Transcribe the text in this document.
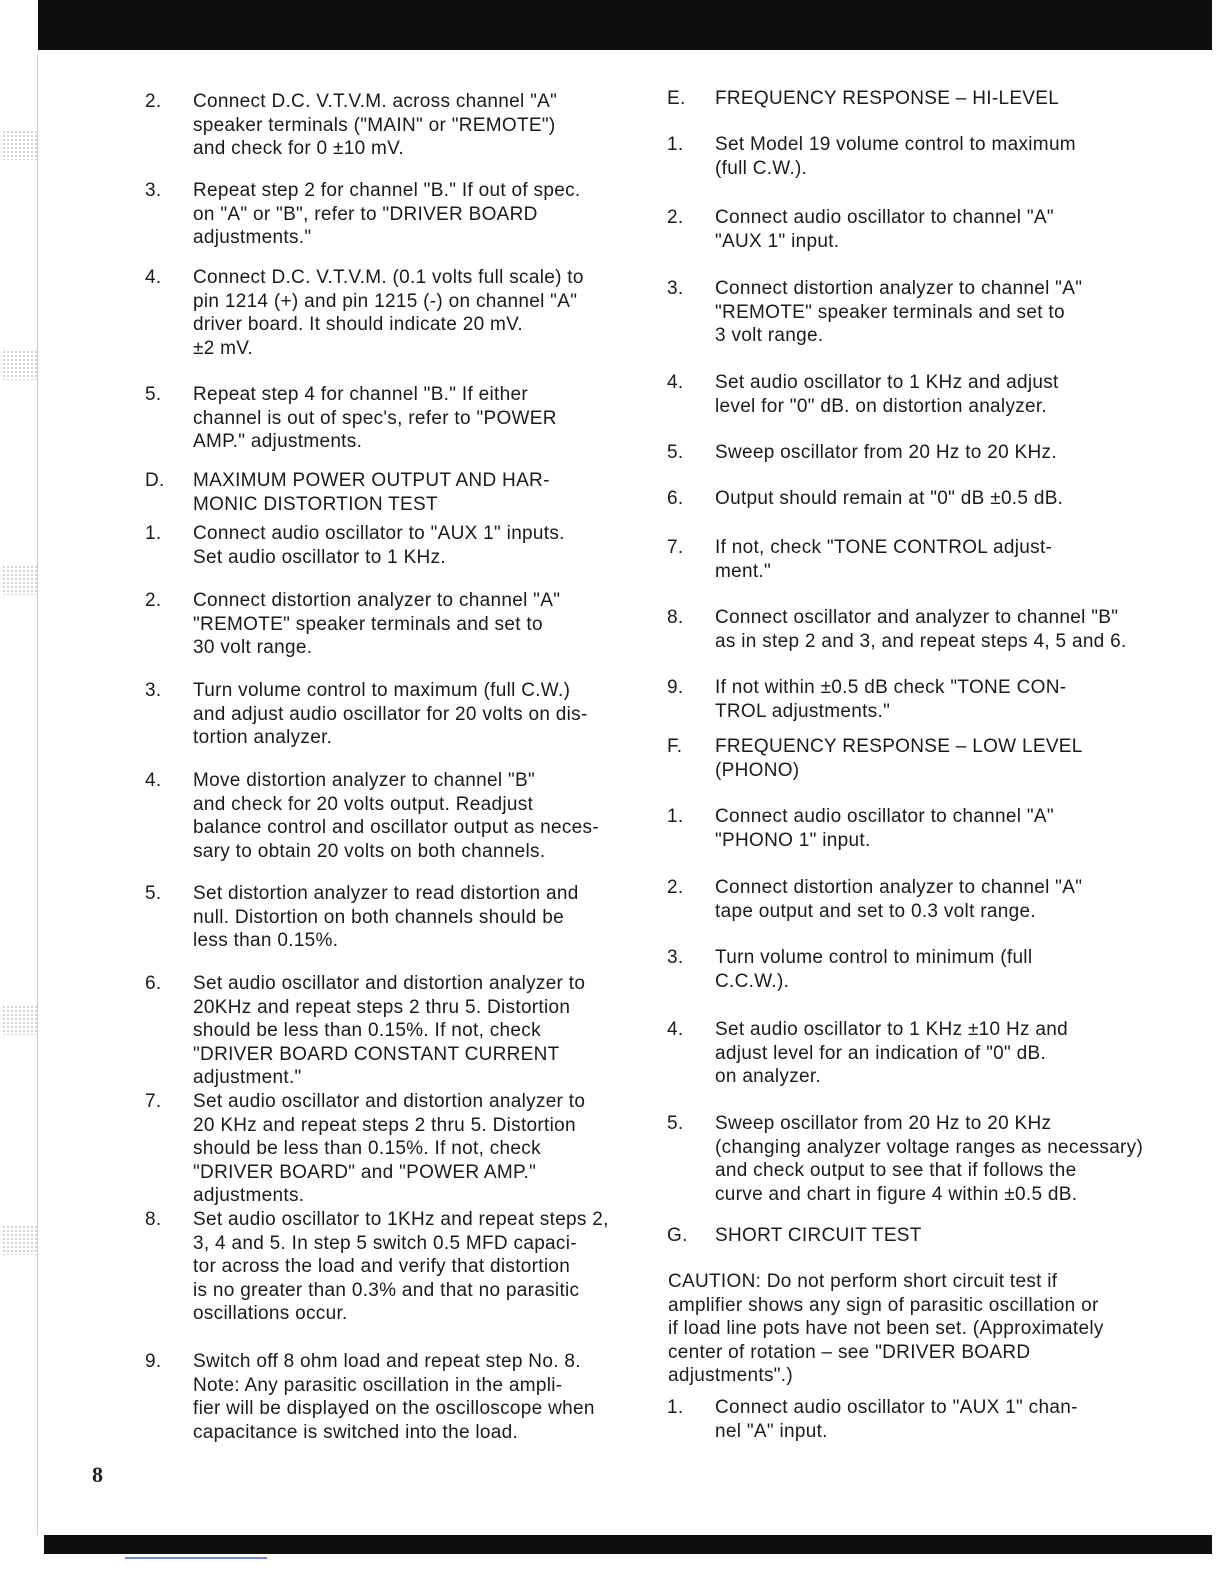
2. Connect D.C. V.T.V.M. across channel "A"
speaker terminals ("MAIN" or "REMOTE")
and check for 0 ±10 mV.
3. Repeat step 2 for channel "B." If out of spec.
on "A" or "B", refer to "DRIVER BOARD
adjustments."
4. Connect D.C. V.T.V.M. (0.1 volts full scale) to
pin 1214 (+) and pin 1215 (-) on channel "A"
driver board. It should indicate 20 mV.
±2 mV.
5. Repeat step 4 for channel "B." If either
channel is out of spec's, refer to "POWER
AMP." adjustments.
D. MAXIMUM POWER OUTPUT AND HAR-
MONIC DISTORTION TEST
1. Connect audio oscillator to "AUX 1" inputs.
Set audio oscillator to 1 KHz.
2. Connect distortion analyzer to channel "A"
"REMOTE" speaker terminals and set to
30 volt range.
3. Turn volume control to maximum (full C.W.)
and adjust audio oscillator for 20 volts on dis-
tortion analyzer.
4. Move distortion analyzer to channel "B"
and check for 20 volts output. Readjust
balance control and oscillator output as neces-
sary to obtain 20 volts on both channels.
5. Set distortion analyzer to read distortion and
null. Distortion on both channels should be
less than 0.15%.
6. Set audio oscillator and distortion analyzer to
20KHz and repeat steps 2 thru 5. Distortion
should be less than 0.15%. If not, check
"DRIVER BOARD CONSTANT CURRENT
adjustment."
7. Set audio oscillator and distortion analyzer to
20 KHz and repeat steps 2 thru 5. Distortion
should be less than 0.15%. If not, check
"DRIVER BOARD" and "POWER AMP."
adjustments.
8. Set audio oscillator to 1KHz and repeat steps 2,
3, 4 and 5. In step 5 switch 0.5 MFD capaci-
tor across the load and verify that distortion
is no greater than 0.3% and that no parasitic
oscillations occur.
9. Switch off 8 ohm load and repeat step No. 8.
Note: Any parasitic oscillation in the ampli-
fier will be displayed on the oscilloscope when
capacitance is switched into the load.
E. FREQUENCY RESPONSE – HI-LEVEL
1. Set Model 19 volume control to maximum
(full C.W.).
2. Connect audio oscillator to channel "A"
"AUX 1" input.
3. Connect distortion analyzer to channel "A"
"REMOTE" speaker terminals and set to
3 volt range.
4. Set audio oscillator to 1 KHz and adjust
level for "0" dB. on distortion analyzer.
5. Sweep oscillator from 20 Hz to 20 KHz.
6. Output should remain at "0" dB ±0.5 dB.
7. If not, check "TONE CONTROL adjust-
ment."
8. Connect oscillator and analyzer to channel "B"
as in step 2 and 3, and repeat steps 4, 5 and 6.
9. If not within ±0.5 dB check "TONE CON-
TROL adjustments."
F. FREQUENCY RESPONSE – LOW LEVEL
(PHONO)
1. Connect audio oscillator to channel "A"
"PHONO 1" input.
2. Connect distortion analyzer to channel "A"
tape output and set to 0.3 volt range.
3. Turn volume control to minimum (full
C.C.W.).
4. Set audio oscillator to 1 KHz ±10 Hz and
adjust level for an indication of "0" dB.
on analyzer.
5. Sweep oscillator from 20 Hz to 20 KHz
(changing analyzer voltage ranges as necessary)
and check output to see that if follows the
curve and chart in figure 4 within ±0.5 dB.
G. SHORT CIRCUIT TEST
1. Connect audio oscillator to "AUX 1" chan-
nel "A" input.
8
CAUTION: Do not perform short circuit test if
amplifier shows any sign of parasitic oscillation or
if load line pots have not been set. (Approximately
center of rotation – see "DRIVER BOARD
adjustments".)
